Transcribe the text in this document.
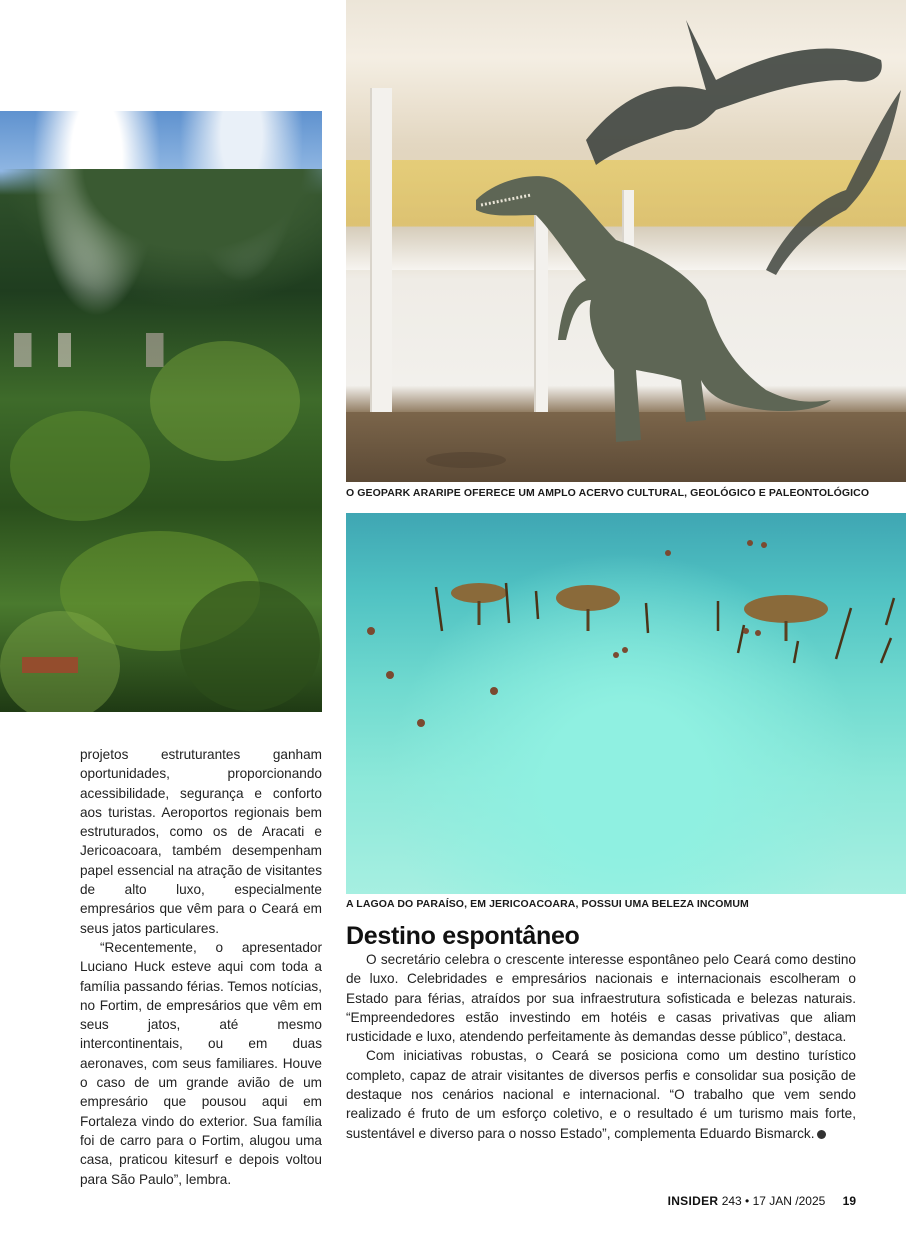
O GEOPARK ARARIPE OFERECE UM AMPLO ACERVO CULTURAL, GEOLÓGICO E PALEONTOLÓGICO
A LAGOA DO PARAÍSO, EM JERICOACOARA, POSSUI UMA BELEZA INCOMUM

projetos estruturantes ganham oportunidades, proporcionando acessibilidade, segurança e conforto aos turistas. Aeroportos regionais bem estruturados, como os de Aracati e Jericoacoara, também desempenham papel essencial na atração de visitantes de alto luxo, especialmente empresários que vêm para o Ceará em seus jatos particulares.

“Recentemente, o apresentador Luciano Huck esteve aqui com toda a família passando férias. Temos notícias, no Fortim, de empresários que vêm em seus jatos, até mesmo intercontinentais, ou em duas aeronaves, com seus familiares. Houve o caso de um grande avião de um empresário que pousou aqui em Fortaleza vindo do exterior. Sua família foi de carro para o Fortim, alugou uma casa, praticou kitesurf e depois voltou para São Paulo”, lembra.

Destino espontâneo

O secretário celebra o crescente interesse espontâneo pelo Ceará como destino de luxo. Celebridades e empresários nacionais e internacionais escolheram o Estado para férias, atraídos por sua infraestrutura sofisticada e belezas naturais. “Empreendedores estão investindo em hotéis e casas privativas que aliam rusticidade e luxo, atendendo perfeitamente às demandas desse público”, destaca.

Com iniciativas robustas, o Ceará se posiciona como um destino turístico completo, capaz de atrair visitantes de diversos perfis e consolidar sua posição de destaque nos cenários nacional e internacional. “O trabalho que vem sendo realizado é fruto de um esforço coletivo, e o resultado é um turismo mais forte, sustentável e diverso para o nosso Estado”, complementa Eduardo Bismarck.

INSIDER 243 • 17 JAN /2025 19
